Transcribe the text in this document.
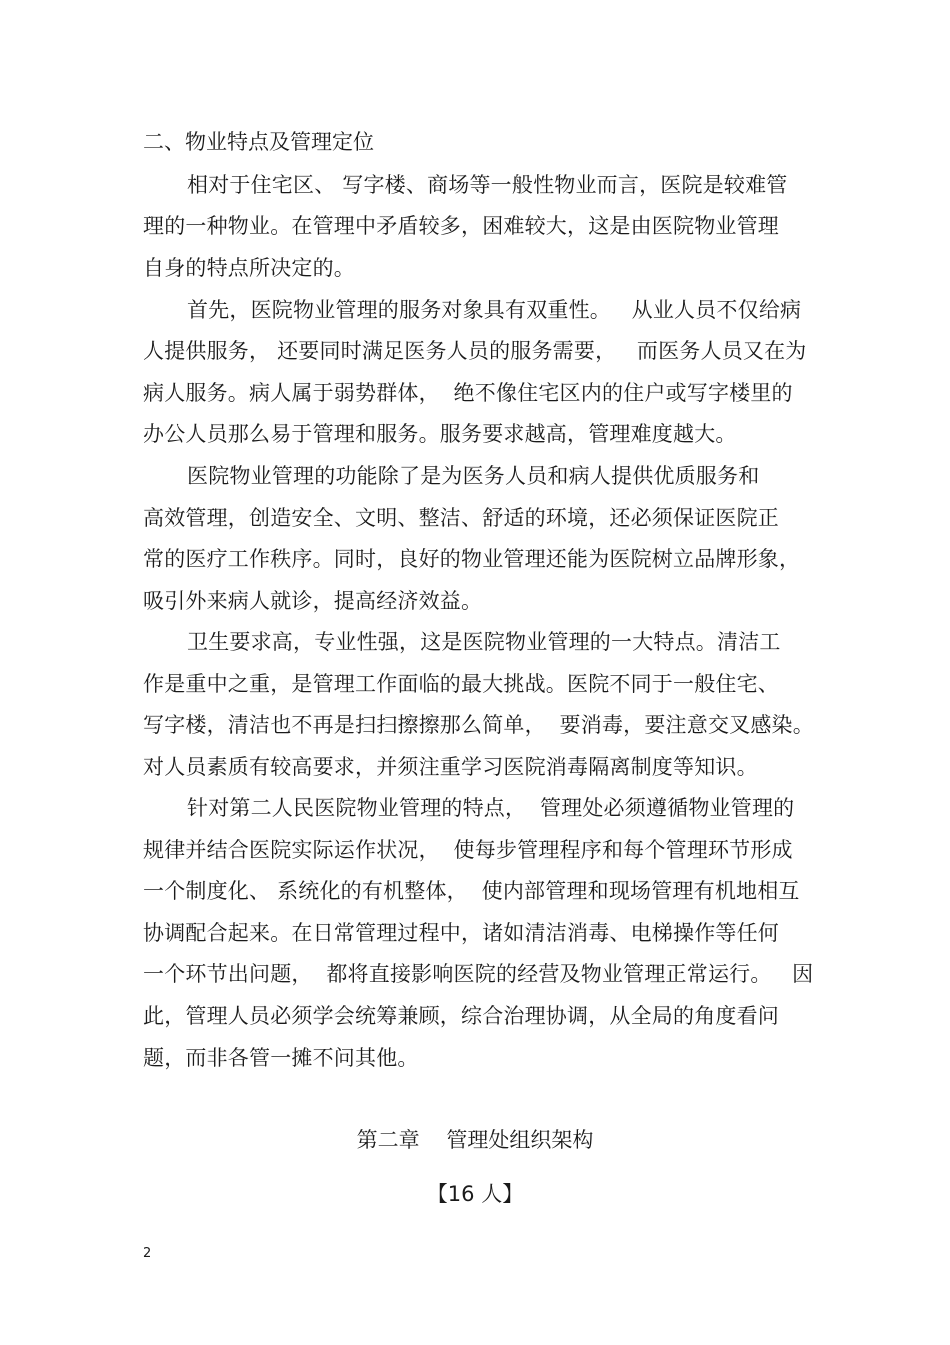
二、物业特点及管理定位
相对于住宅区、 写字楼、商场等一般性物业而言，医院是较难管
理的一种物业。在管理中矛盾较多，困难较大，这是由医院物业管理
自身的特点所决定的。
首先，医院物业管理的服务对象具有双重性。   从业人员不仅给病
人提供服务， 还要同时满足医务人员的服务需要，   而医务人员又在为
病人服务。病人属于弱势群体，  绝不像住宅区内的住户或写字楼里的
办公人员那么易于管理和服务。服务要求越高，管理难度越大。
医院物业管理的功能除了是为医务人员和病人提供优质服务和
高效管理，创造安全、文明、整洁、舒适的环境，还必须保证医院正
常的医疗工作秩序。同时，良好的物业管理还能为医院树立品牌形象，
吸引外来病人就诊，提高经济效益。
卫生要求高，专业性强，这是医院物业管理的一大特点。清洁工
作是重中之重，是管理工作面临的最大挑战。医院不同于一般住宅、
写字楼，清洁也不再是扫扫擦擦那么简单，  要消毒，要注意交叉感染。
对人员素质有较高要求，并须注重学习医院消毒隔离制度等知识。
针对第二人民医院物业管理的特点，  管理处必须遵循物业管理的
规律并结合医院实际运作状况，  使每步管理程序和每个管理环节形成
一个制度化、 系统化的有机整体，  使内部管理和现场管理有机地相互
协调配合起来。在日常管理过程中，诸如清洁消毒、电梯操作等任何
一个环节出问题，  都将直接影响医院的经营及物业管理正常运行。   因
此，管理人员必须学会统筹兼顾，综合治理协调，从全局的角度看问
题，而非各管一摊不问其他。
第二章    管理处组织架构
【16 人】
2
